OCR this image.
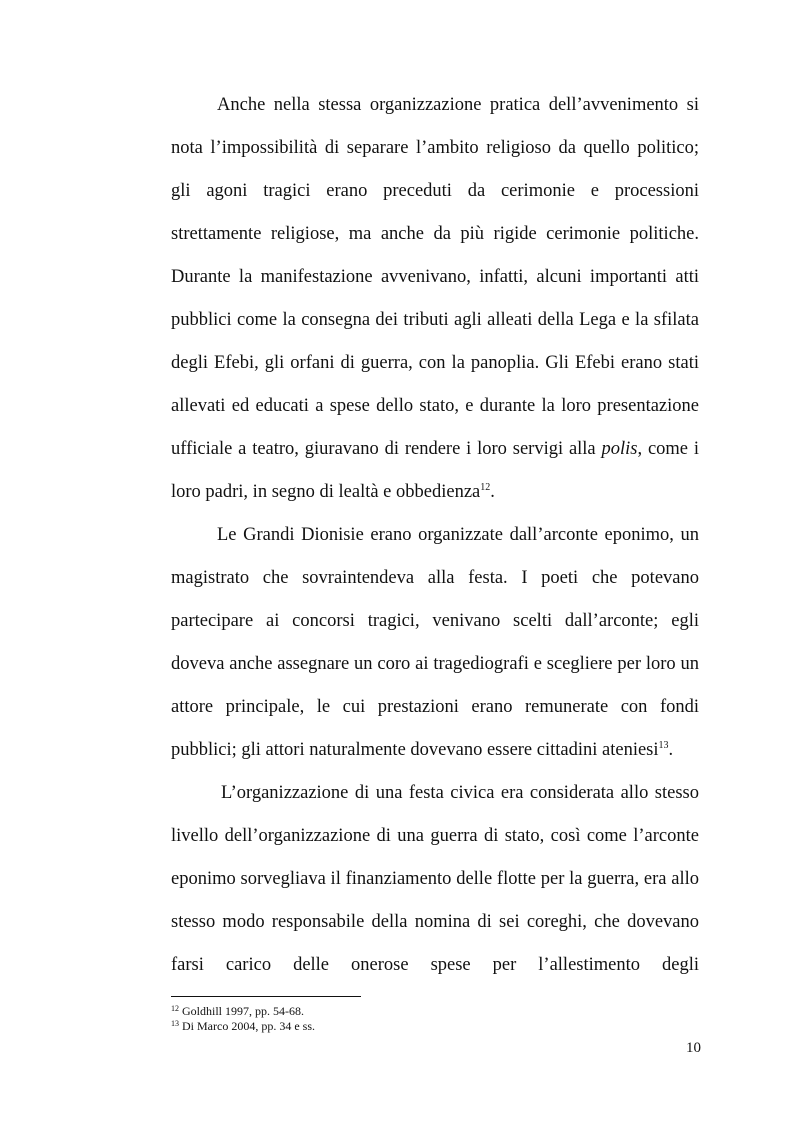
Anche nella stessa organizzazione pratica dell’avvenimento si nota l’impossibilità di separare l’ambito religioso da quello politico; gli agoni tragici erano preceduti da cerimonie e processioni strettamente religiose, ma anche da più rigide cerimonie politiche. Durante la manifestazione avvenivano, infatti, alcuni importanti atti pubblici come la consegna dei tributi agli alleati della Lega e la sfilata degli Efebi, gli orfani di guerra, con la panoplia. Gli Efebi erano stati allevati ed educati a spese dello stato, e durante la loro presentazione ufficiale a teatro, giuravano di rendere i loro servigi alla polis, come i loro padri, in segno di lealtà e obbedienza$^{12}$.

Le Grandi Dionisie erano organizzate dall’arconte eponimo, un magistrato che sovraintendeva alla festa. I poeti che potevano partecipare ai concorsi tragici, venivano scelti dall’arconte; egli doveva anche assegnare un coro ai tragediografi e scegliere per loro un attore principale, le cui prestazioni erano remunerate con fondi pubblici; gli attori naturalmente dovevano essere cittadini ateniesi$^{13}$.

L’organizzazione di una festa civica era considerata allo stesso livello dell’organizzazione di una guerra di stato, così come l’arconte eponimo sorvegliava il finanziamento delle flotte per la guerra, era allo stesso modo responsabile della nomina di sei coreghi, che dovevano farsi carico delle onerose spese per l’allestimento degli

$^{12}$ Goldhill 1997, pp. 54-68.

$^{13}$ Di Marco 2004, pp. 34 e ss.

10
